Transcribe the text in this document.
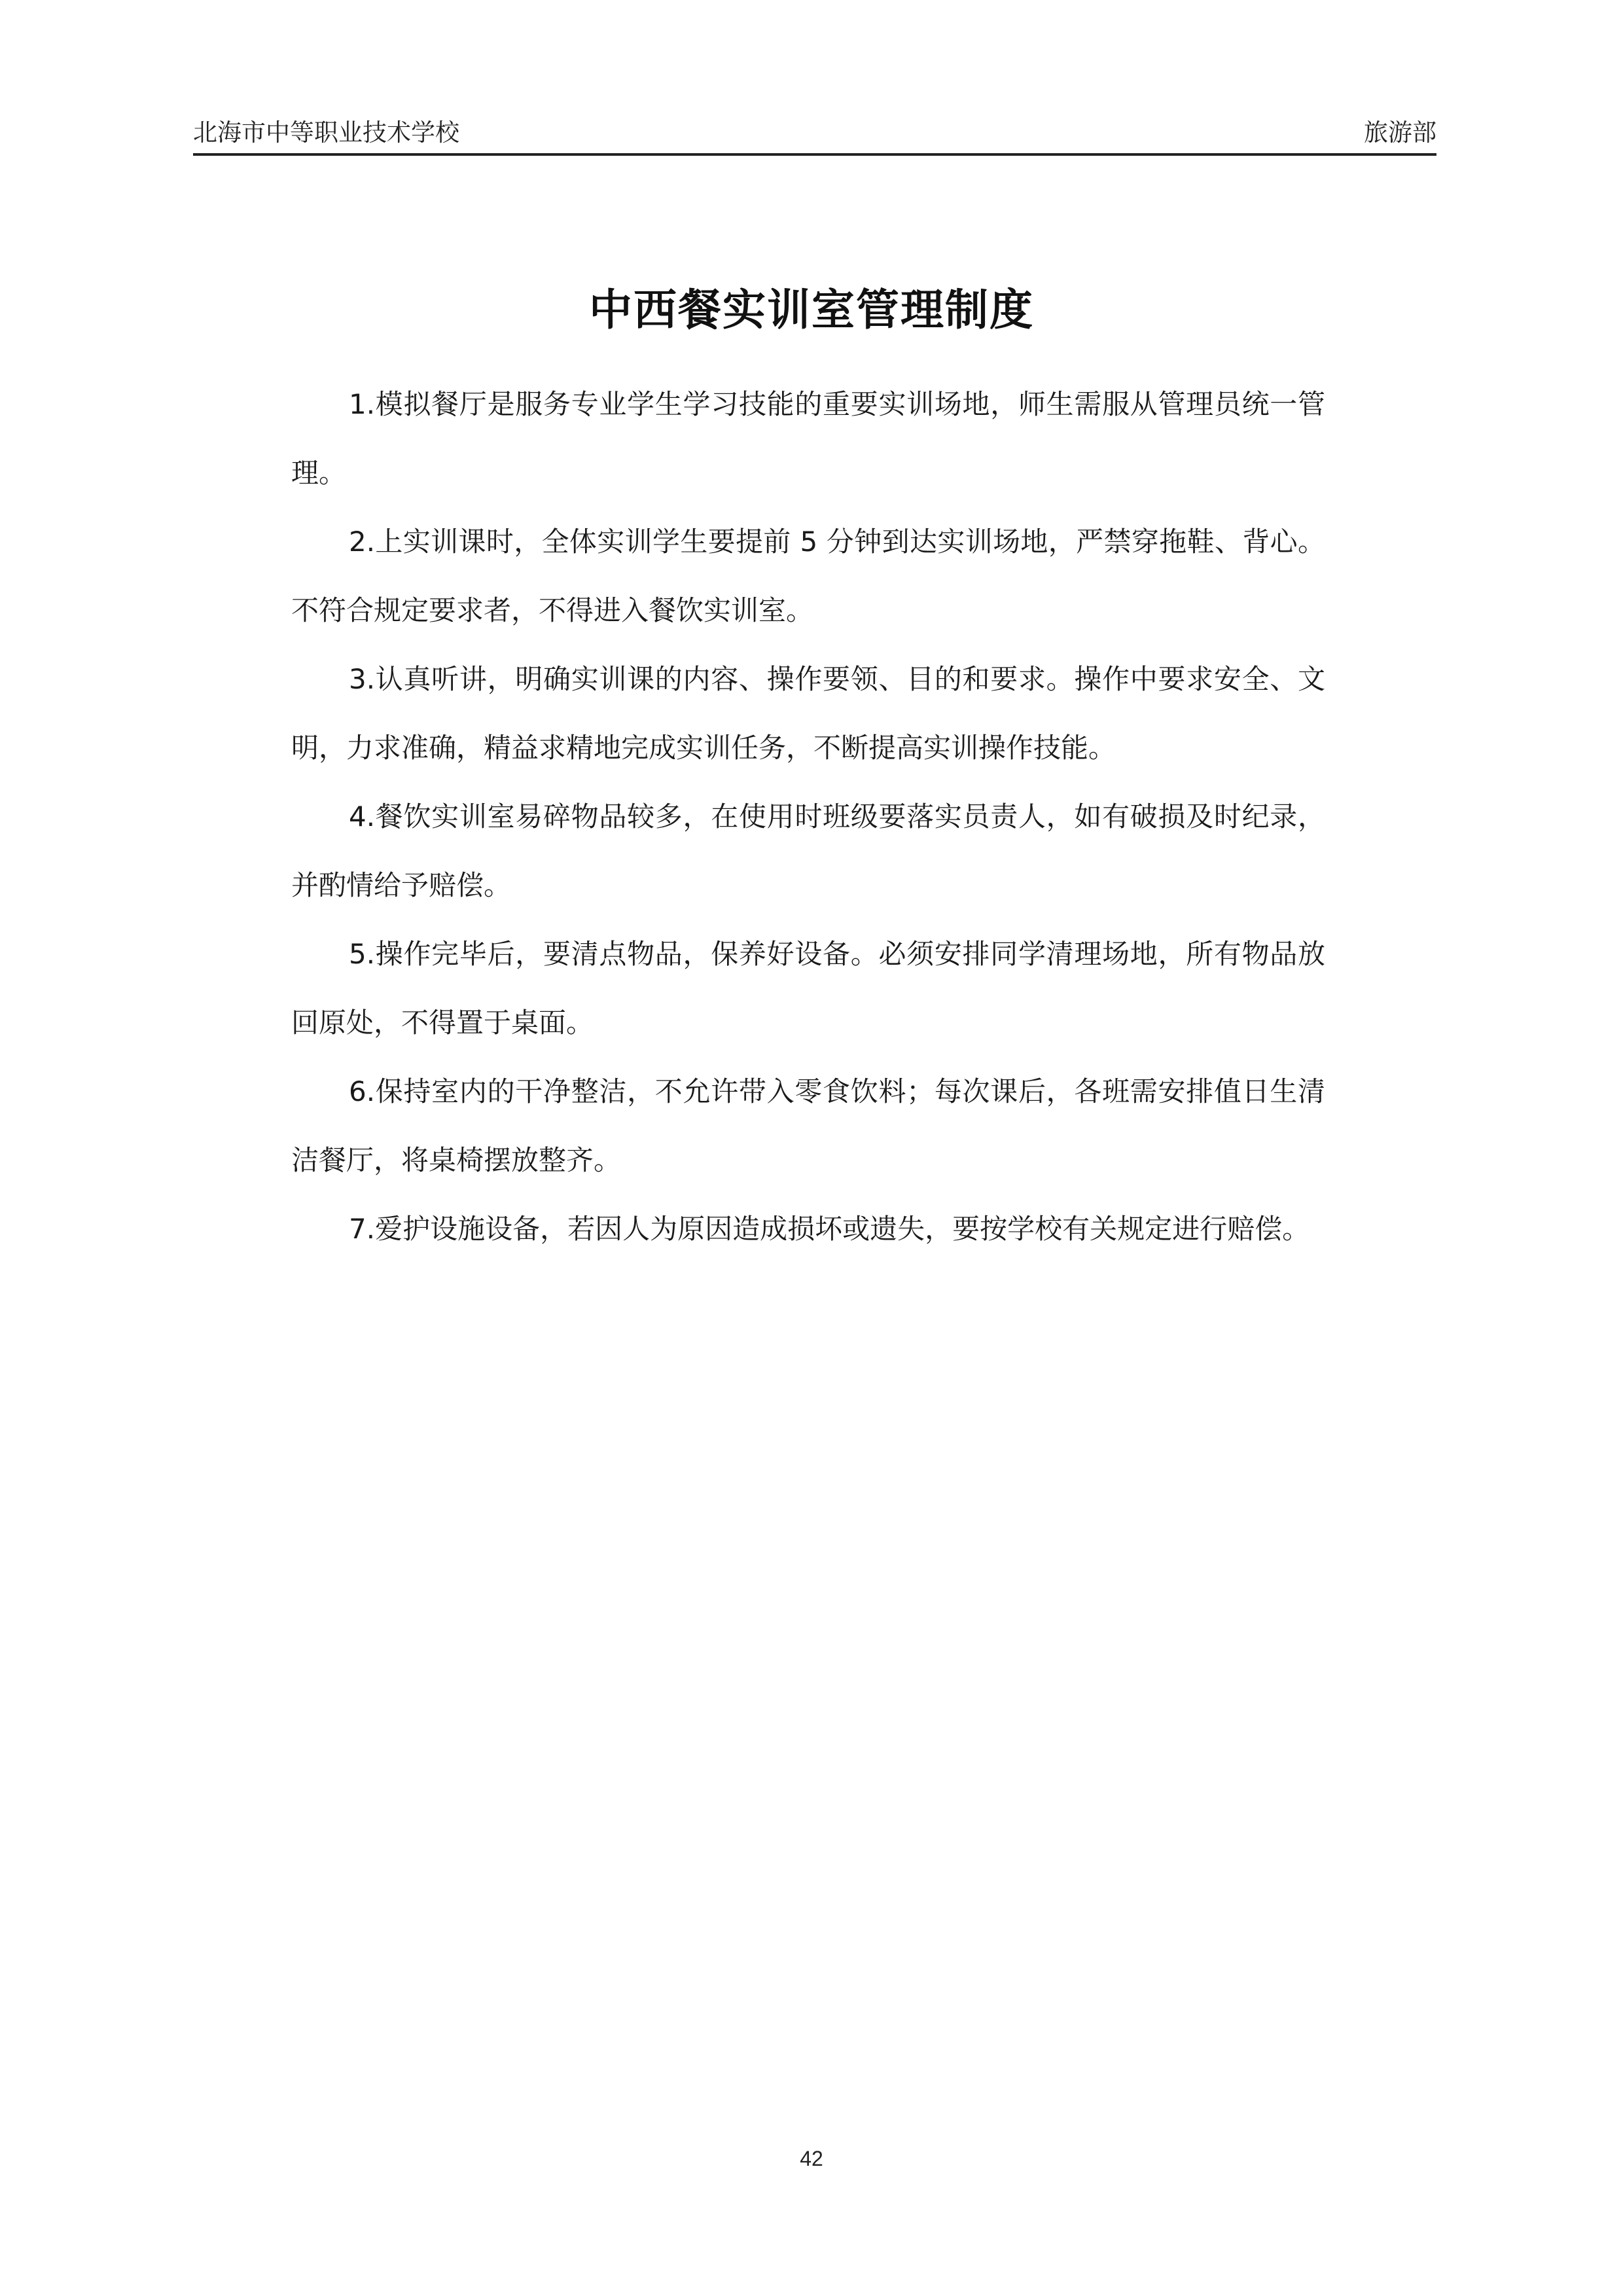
北海市中等职业技术学校	旅游部
中西餐实训室管理制度

1.模拟餐厅是服务专业学生学习技能的重要实训场地，师生需服从管理员统一管理。

2.上实训课时，全体实训学生要提前 5 分钟到达实训场地，严禁穿拖鞋、背心。不符合规定要求者，不得进入餐饮实训室。

3.认真听讲，明确实训课的内容、操作要领、目的和要求。操作中要求安全、文明，力求准确，精益求精地完成实训任务，不断提高实训操作技能。

4.餐饮实训室易碎物品较多，在使用时班级要落实员责人，如有破损及时纪录，并酌情给予赔偿。

5.操作完毕后，要清点物品，保养好设备。必须安排同学清理场地，所有物品放回原处，不得置于桌面。

6.保持室内的干净整洁，不允许带入零食饮料；每次课后，各班需安排值日生清洁餐厅，将桌椅摆放整齐。

7.爱护设施设备，若因人为原因造成损坏或遗失，要按学校有关规定进行赔偿。

42
